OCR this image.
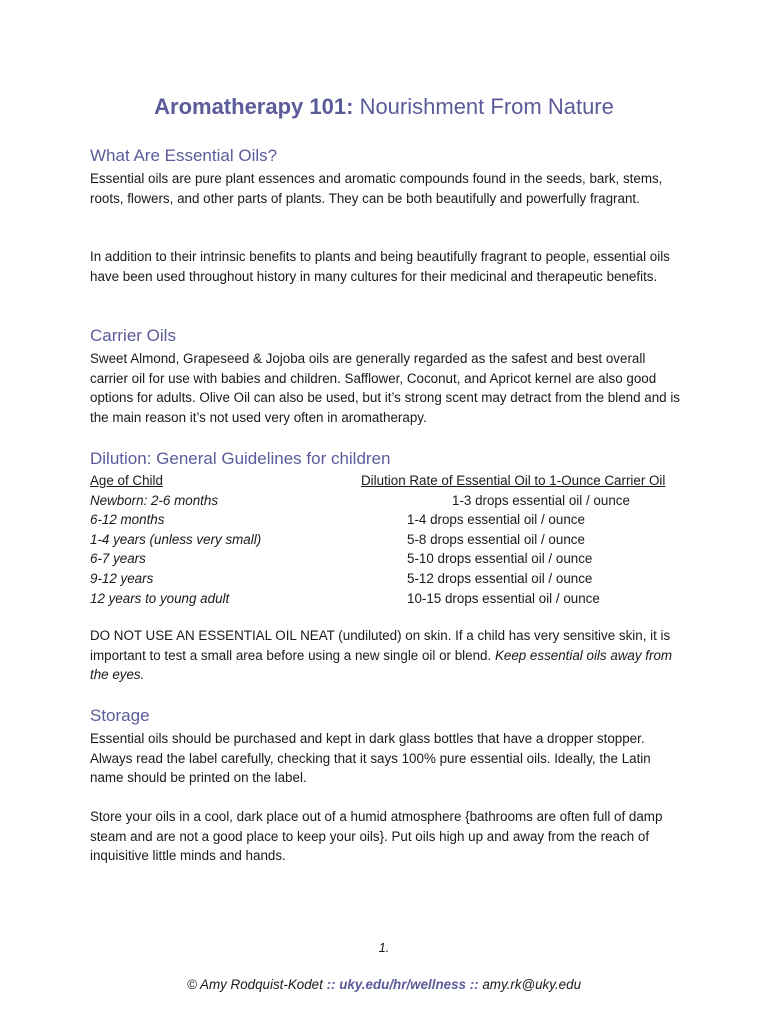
Aromatherapy 101: Nourishment From Nature
What Are Essential Oils?

Essential oils are pure plant essences and aromatic compounds found in the seeds, bark, stems, roots, flowers, and other parts of plants. They can be both beautifully and powerfully fragrant.

In addition to their intrinsic benefits to plants and being beautifully fragrant to people, essential oils have been used throughout history in many cultures for their medicinal and therapeutic benefits.

Carrier Oils

Sweet Almond, Grapeseed & Jojoba oils are generally regarded as the safest and best overall carrier oil for use with babies and children. Safflower, Coconut, and Apricot kernel are also good options for adults. Olive Oil can also be used, but it’s strong scent may detract from the blend and is the main reason it’s not used very often in aromatherapy.

Dilution: General Guidelines for children
Age of Child	Dilution Rate of Essential Oil to 1-Ounce Carrier Oil
Newborn: 2-6 months	1-3 drops essential oil / ounce
6-12 months	1-4 drops essential oil / ounce
1-4 years (unless very small)	5-8 drops essential oil / ounce
6-7 years	5-10 drops essential oil / ounce
9-12 years	5-12 drops essential oil / ounce
12 years to young adult	10-15 drops essential oil / ounce

DO NOT USE AN ESSENTIAL OIL NEAT (undiluted) on skin. If a child has very sensitive skin, it is important to test a small area before using a new single oil or blend. Keep essential oils away from the eyes.

Storage

Essential oils should be purchased and kept in dark glass bottles that have a dropper stopper. Always read the label carefully, checking that it says 100% pure essential oils. Ideally, the Latin name should be printed on the label.

Store your oils in a cool, dark place out of a humid atmosphere {bathrooms are often full of damp steam and are not a good place to keep your oils}. Put oils high up and away from the reach of inquisitive little minds and hands.

1.
© Amy Rodquist-Kodet :: uky.edu/hr/wellness :: amy.rk@uky.edu
